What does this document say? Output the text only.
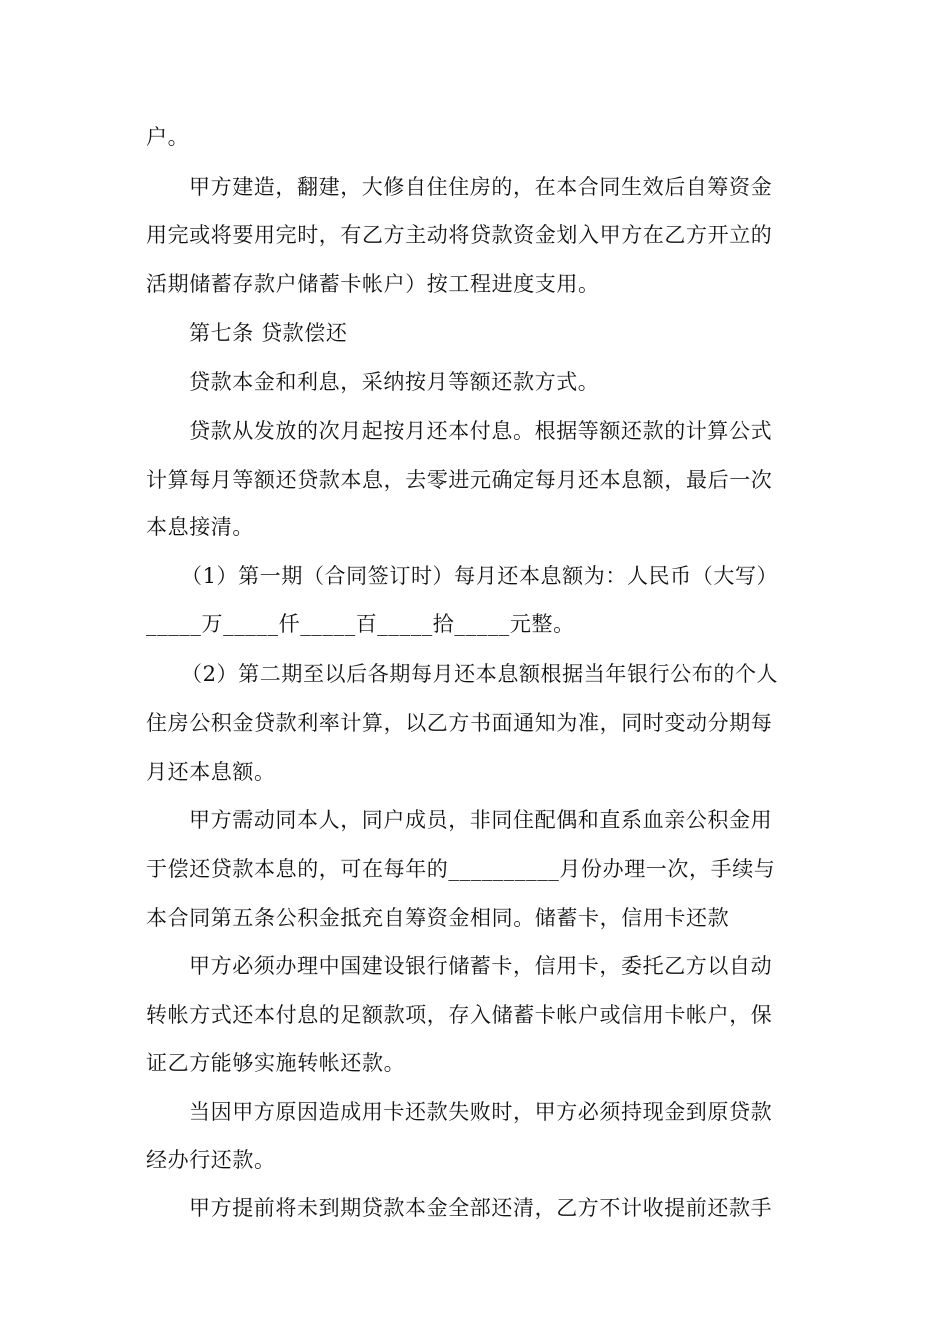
户。
甲方建造，翻建，大修自住住房的，在本合同生效后自筹资金
用完或将要用完时，有乙方主动将贷款资金划入甲方在乙方开立的
活期储蓄存款户储蓄卡帐户）按工程进度支用。
第七条 贷款偿还
贷款本金和利息，采纳按月等额还款方式。
贷款从发放的次月起按月还本付息。根据等额还款的计算公式
计算每月等额还贷款本息，去零进元确定每月还本息额，最后一次
本息接清。
（1）第一期（合同签订时）每月还本息额为：人民币（大写）
_____万_____仟_____百_____拾_____元整。
（2）第二期至以后各期每月还本息额根据当年银行公布的个人
住房公积金贷款利率计算，以乙方书面通知为准，同时变动分期每
月还本息额。
甲方需动同本人，同户成员，非同住配偶和直系血亲公积金用
于偿还贷款本息的，可在每年的__________月份办理一次，手续与
本合同第五条公积金抵充自筹资金相同。储蓄卡，信用卡还款
甲方必须办理中国建设银行储蓄卡，信用卡，委托乙方以自动
转帐方式还本付息的足额款项，存入储蓄卡帐户或信用卡帐户，保
证乙方能够实施转帐还款。
当因甲方原因造成用卡还款失败时，甲方必须持现金到原贷款
经办行还款。
甲方提前将未到期贷款本金全部还清，乙方不计收提前还款手
